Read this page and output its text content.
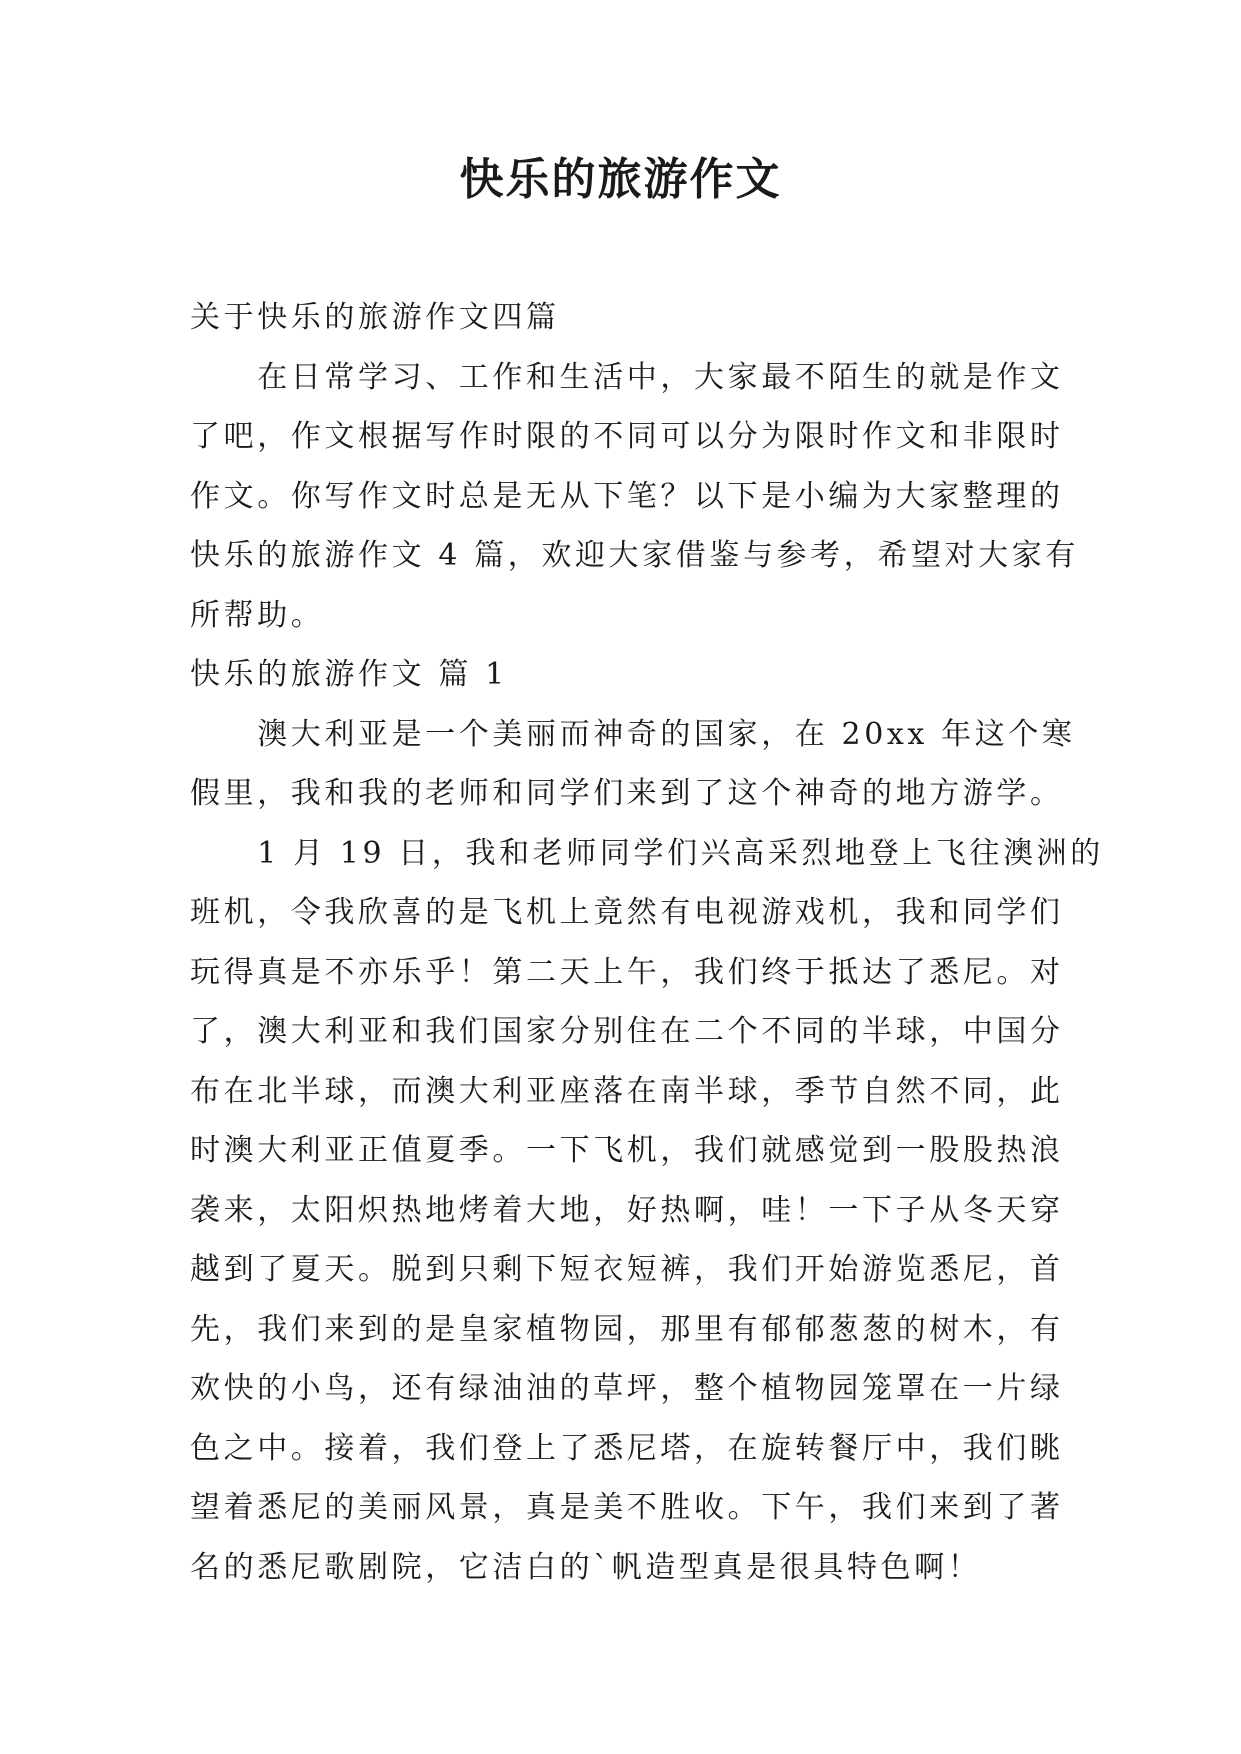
快乐的旅游作文
关于快乐的旅游作文四篇
　　在日常学习、工作和生活中，大家最不陌生的就是作文
了吧，作文根据写作时限的不同可以分为限时作文和非限时
作文。你写作文时总是无从下笔？以下是小编为大家整理的
快乐的旅游作文 4 篇，欢迎大家借鉴与参考，希望对大家有
所帮助。
快乐的旅游作文 篇 1
　　澳大利亚是一个美丽而神奇的国家，在 20xx 年这个寒
假里，我和我的老师和同学们来到了这个神奇的地方游学。
　　1 月 19 日，我和老师同学们兴高采烈地登上飞往澳洲的
班机，令我欣喜的是飞机上竟然有电视游戏机，我和同学们
玩得真是不亦乐乎！第二天上午，我们终于抵达了悉尼。对
了，澳大利亚和我们国家分别住在二个不同的半球，中国分
布在北半球，而澳大利亚座落在南半球，季节自然不同，此
时澳大利亚正值夏季。一下飞机，我们就感觉到一股股热浪
袭来，太阳炽热地烤着大地，好热啊，哇！一下子从冬天穿
越到了夏天。脱到只剩下短衣短裤，我们开始游览悉尼，首
先，我们来到的是皇家植物园，那里有郁郁葱葱的树木，有
欢快的小鸟，还有绿油油的草坪，整个植物园笼罩在一片绿
色之中。接着，我们登上了悉尼塔，在旋转餐厅中，我们眺
望着悉尼的美丽风景，真是美不胜收。下午，我们来到了著
名的悉尼歌剧院，它洁白的`帆造型真是很具特色啊！
